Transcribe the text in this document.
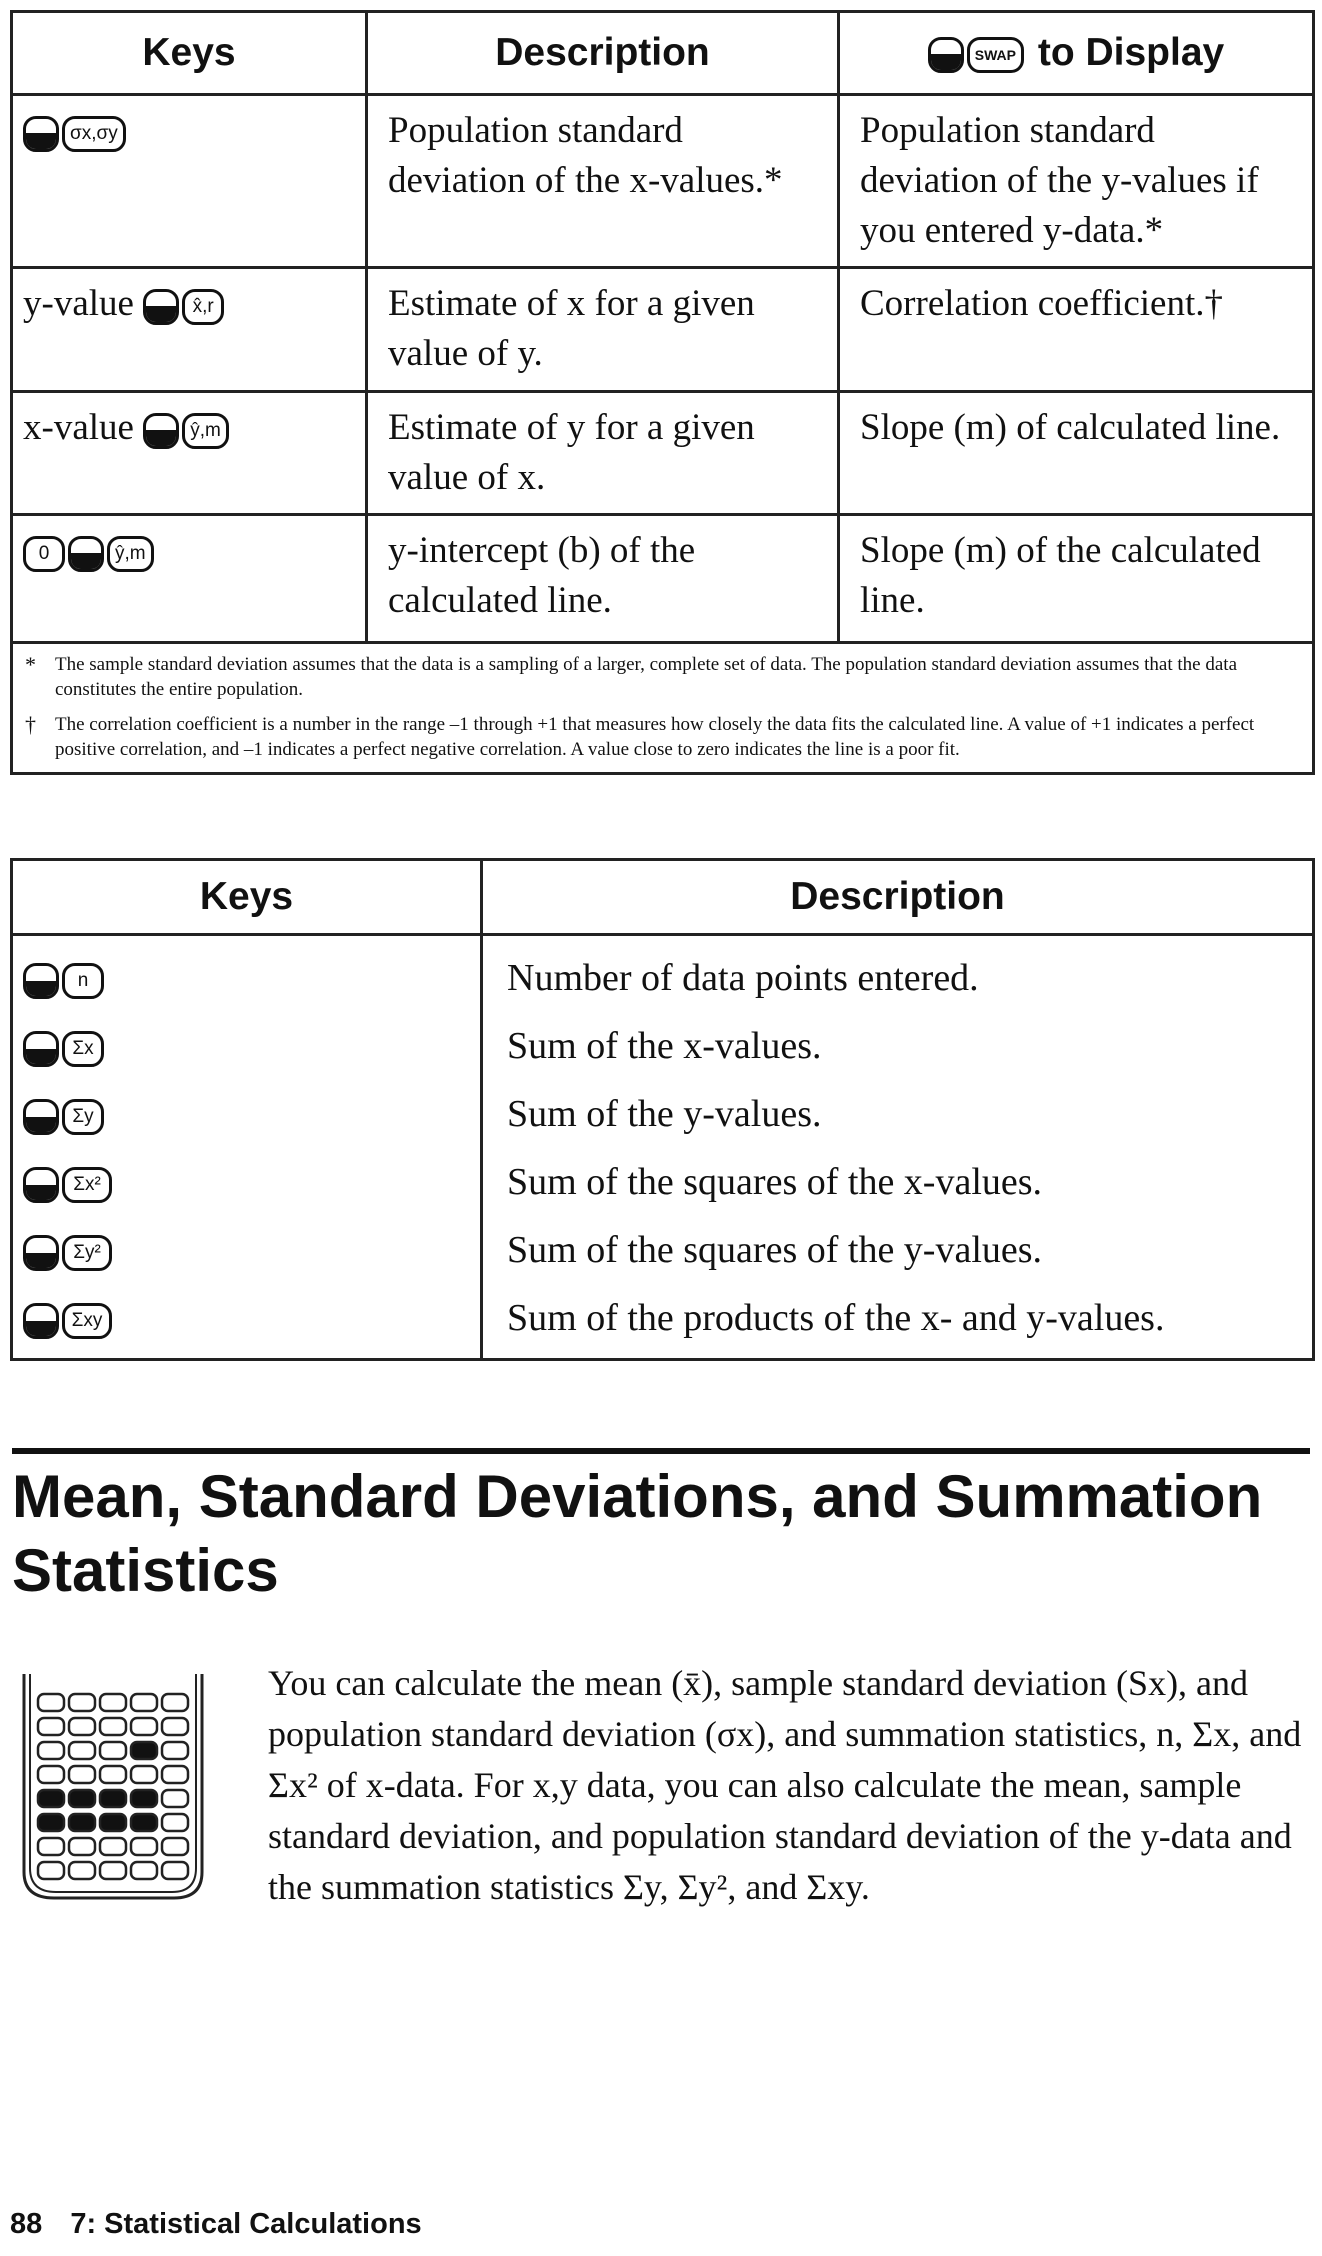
Keys	Description	SWAP to Display
σx,σy	Population standard deviation of the x-values.*	Population standard deviation of the y-values if you entered y-data.*
y-value x̂,r	Estimate of x for a given value of y.	Correlation coefficient.†
x-value ŷ,m	Estimate of y for a given value of x.	Slope (m) of calculated line.
0 ŷ,m	y-intercept (b) of the calculated line.	Slope (m) of the calculated line.

* The sample standard deviation assumes that the data is a sampling of a larger, complete set of data. The population standard deviation assumes that the data constitutes the entire population.
† The correlation coefficient is a number in the range –1 through +1 that measures how closely the data fits the calculated line. A value of +1 indicates a perfect positive correlation, and –1 indicates a perfect negative correlation. A value close to zero indicates the line is a poor fit.		
Keys	Description
n	Number of data points entered.
Σx	Sum of the x-values.
Σy	Sum of the y-values.
Σx²	Sum of the squares of the x-values.
Σy²	Sum of the squares of the y-values.
Σxy	Sum of the products of the x- and y-values.
Mean, Standard Deviations, and Summation Statistics
You can calculate the mean (x̄), sample standard deviation (Sx), and population standard deviation (σx), and summation statistics, n, Σx, and Σx² of x-data. For x,y data, you can also calculate the mean, sample standard deviation, and population standard deviation of the y-data and the summation statistics Σy, Σy², and Σxy.
88 7: Statistical Calculations
